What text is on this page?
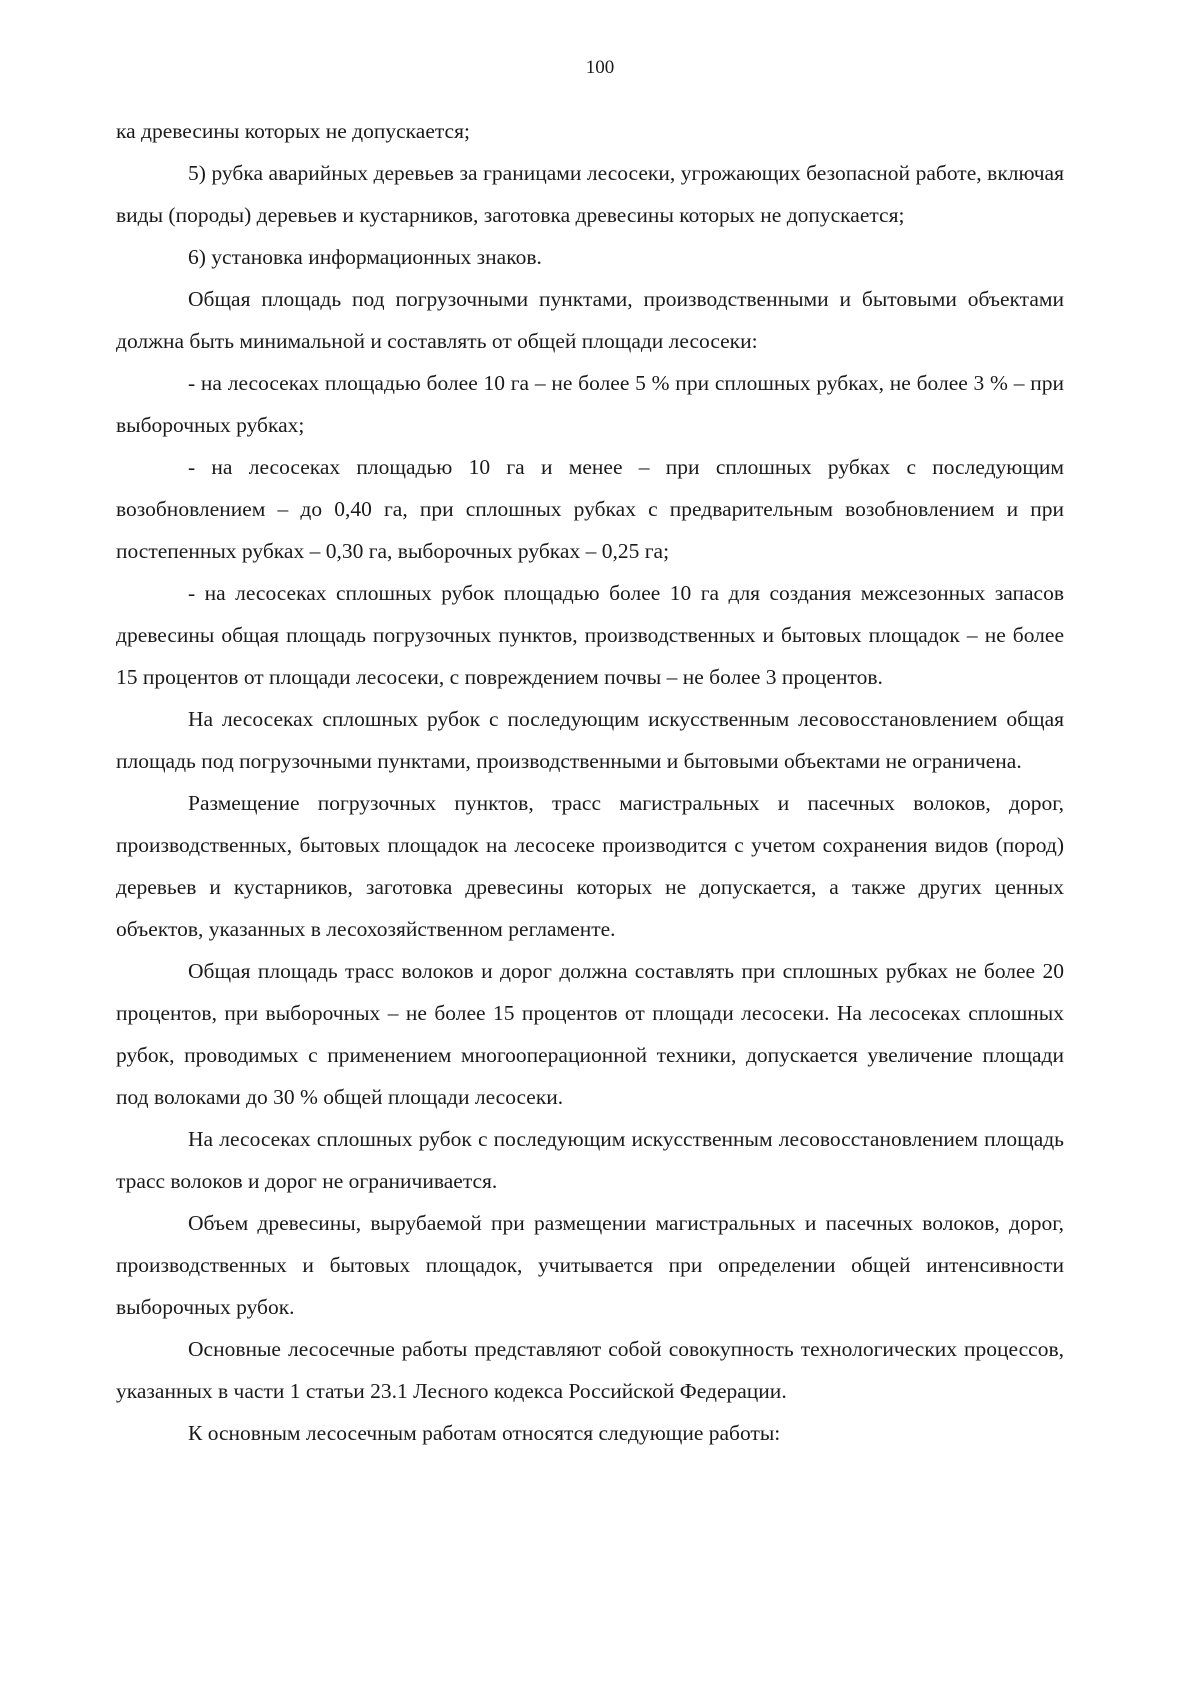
100

ка древесины которых не допускается;

5) рубка аварийных деревьев за границами лесосеки, угрожающих безопасной работе, включая виды (породы) деревьев и кустарников, заготовка древесины которых не допускается;

6) установка информационных знаков.

Общая площадь под погрузочными пунктами, производственными и бытовыми объектами должна быть минимальной и составлять от общей площади лесосеки:

- на лесосеках площадью более 10 га – не более 5 % при сплошных рубках, не более 3 % – при выборочных рубках;

- на лесосеках площадью 10 га и менее – при сплошных рубках с последующим возобновлением – до 0,40 га, при сплошных рубках с предварительным возобновлением и при постепенных рубках – 0,30 га, выборочных рубках – 0,25 га;

- на лесосеках сплошных рубок площадью более 10 га для создания межсезонных запасов древесины общая площадь погрузочных пунктов, производственных и бытовых площадок – не более 15 процентов от площади лесосеки, с повреждением почвы – не более 3 процентов.

На лесосеках сплошных рубок с последующим искусственным лесовосстановлением общая площадь под погрузочными пунктами, производственными и бытовыми объектами не ограничена.

Размещение погрузочных пунктов, трасс магистральных и пасечных волоков, дорог, производственных, бытовых площадок на лесосеке производится с учетом сохранения видов (пород) деревьев и кустарников, заготовка древесины которых не допускается, а также других ценных объектов, указанных в лесохозяйственном регламенте.

Общая площадь трасс волоков и дорог должна составлять при сплошных рубках не более 20 процентов, при выборочных – не более 15 процентов от площади лесосеки. На лесосеках сплошных рубок, проводимых с применением многооперационной техники, допускается увеличение площади под волоками до 30 % общей площади лесосеки.

На лесосеках сплошных рубок с последующим искусственным лесовосстановлением площадь трасс волоков и дорог не ограничивается.

Объем древесины, вырубаемой при размещении магистральных и пасечных волоков, дорог, производственных и бытовых площадок, учитывается при определении общей интенсивности выборочных рубок.

Основные лесосечные работы представляют собой совокупность технологических процессов, указанных в части 1 статьи 23.1 Лесного кодекса Российской Федерации.

К основным лесосечным работам относятся следующие работы:
